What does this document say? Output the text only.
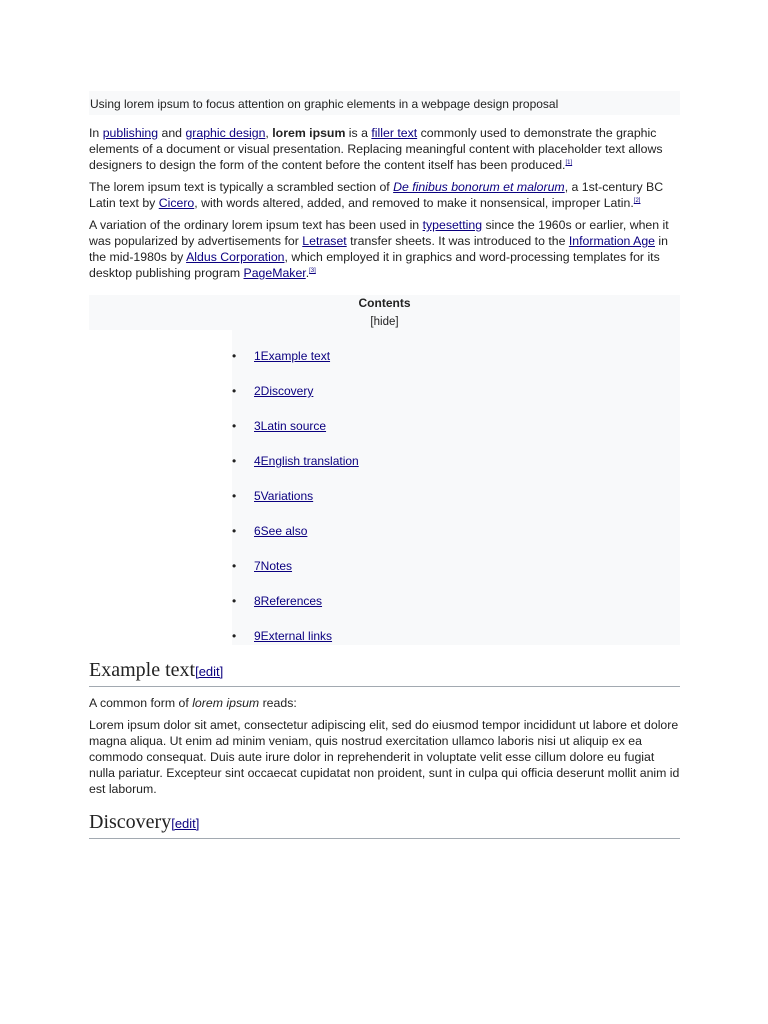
Using lorem ipsum to focus attention on graphic elements in a webpage design proposal

In publishing and graphic design, lorem ipsum is a filler text commonly used to demonstrate the graphic elements of a document or visual presentation. Replacing meaningful content with placeholder text allows designers to design the form of the content before the content itself has been produced.[1]

The lorem ipsum text is typically a scrambled section of De finibus bonorum et malorum, a 1st-century BC Latin text by Cicero, with words altered, added, and removed to make it nonsensical, improper Latin.[2]

A variation of the ordinary lorem ipsum text has been used in typesetting since the 1960s or earlier, when it was popularized by advertisements for Letraset transfer sheets. It was introduced to the Information Age in the mid-1980s by Aldus Corporation, which employed it in graphics and word-processing templates for its desktop publishing program PageMaker.[3]

Contents
[hide]
• 1Example text
• 2Discovery
• 3Latin source
• 4English translation
• 5Variations
• 6See also
• 7Notes
• 8References
• 9External links
Example text[edit]

A common form of lorem ipsum reads:

Lorem ipsum dolor sit amet, consectetur adipiscing elit, sed do eiusmod tempor incididunt ut labore et dolore magna aliqua. Ut enim ad minim veniam, quis nostrud exercitation ullamco laboris nisi ut aliquip ex ea commodo consequat. Duis aute irure dolor in reprehenderit in voluptate velit esse cillum dolore eu fugiat nulla pariatur. Excepteur sint occaecat cupidatat non proident, sunt in culpa qui officia deserunt mollit anim id est laborum.

Discovery[edit]
